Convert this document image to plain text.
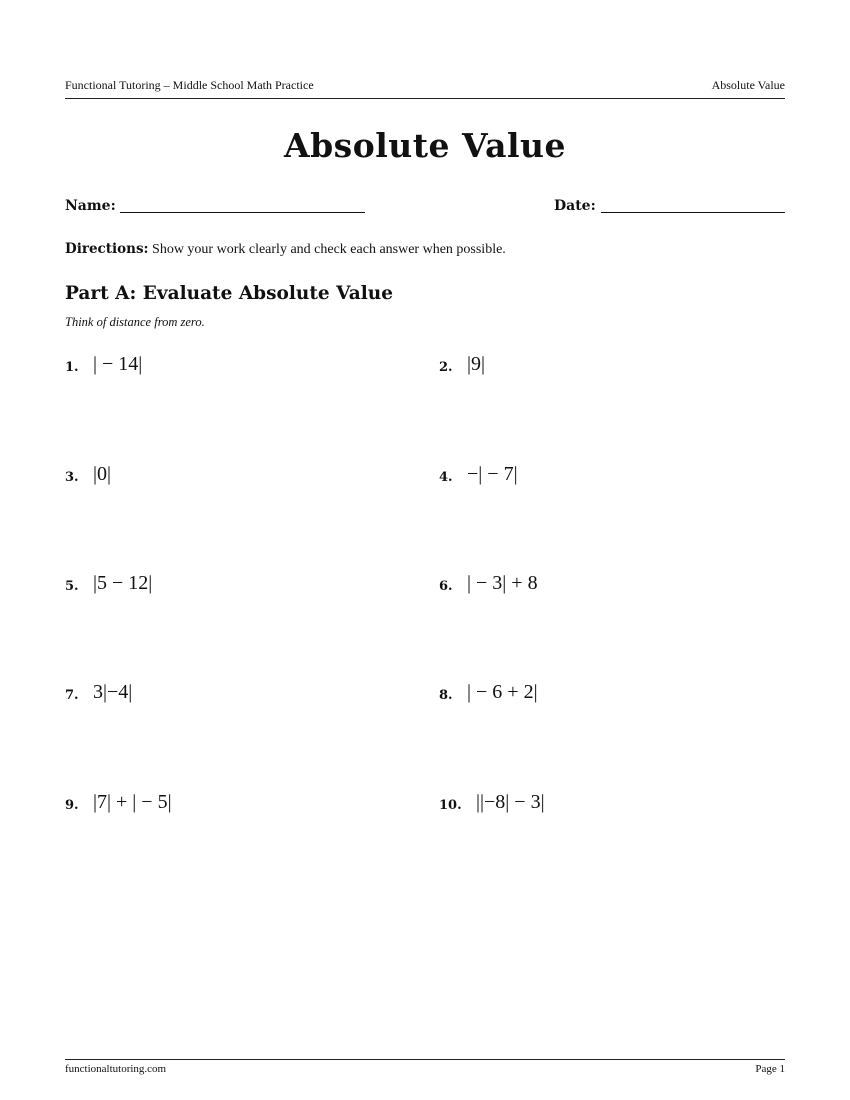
Functional Tutoring – Middle School Math Practice	Absolute Value
Absolute Value
Name:	Date:
Directions: Show your work clearly and check each answer when possible.
Part A: Evaluate Absolute Value
Think of distance from zero.
1. | − 14|	2. |9|
3. |0|	4. −| − 7|
5. |5 − 12|	6. | − 3| + 8
7. 3|−4|	8. | − 6 + 2|
9. |7| + | − 5|	10. ||−8| − 3|
functionaltutoring.com	Page 1
